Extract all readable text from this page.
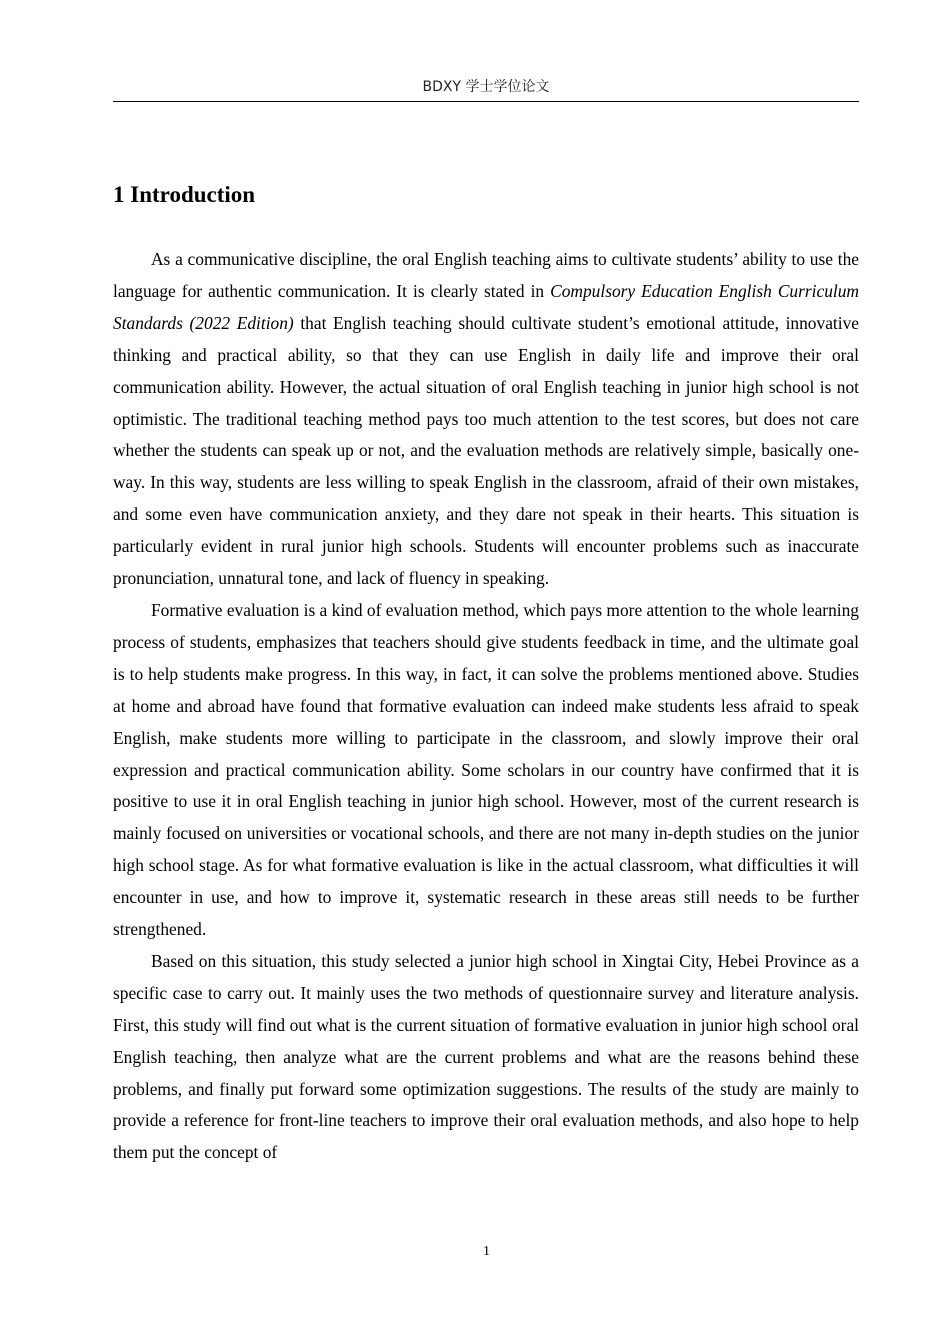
BDXY 学士学位论文
1 Introduction

As a communicative discipline, the oral English teaching aims to cultivate students’ ability to use the language for authentic communication. It is clearly stated in Compulsory Education English Curriculum Standards (2022 Edition) that English teaching should cultivate student’s emotional attitude, innovative thinking and practical ability, so that they can use English in daily life and improve their oral communication ability. However, the actual situation of oral English teaching in junior high school is not optimistic. The traditional teaching method pays too much attention to the test scores, but does not care whether the students can speak up or not, and the evaluation methods are relatively simple, basically one-way. In this way, students are less willing to speak English in the classroom, afraid of their own mistakes, and some even have communication anxiety, and they dare not speak in their hearts. This situation is particularly evident in rural junior high schools. Students will encounter problems such as inaccurate pronunciation, unnatural tone, and lack of fluency in speaking.

Formative evaluation is a kind of evaluation method, which pays more attention to the whole learning process of students, emphasizes that teachers should give students feedback in time, and the ultimate goal is to help students make progress. In this way, in fact, it can solve the problems mentioned above. Studies at home and abroad have found that formative evaluation can indeed make students less afraid to speak English, make students more willing to participate in the classroom, and slowly improve their oral expression and practical communication ability. Some scholars in our country have confirmed that it is positive to use it in oral English teaching in junior high school. However, most of the current research is mainly focused on universities or vocational schools, and there are not many in-depth studies on the junior high school stage. As for what formative evaluation is like in the actual classroom, what difficulties it will encounter in use, and how to improve it, systematic research in these areas still needs to be further strengthened.

Based on this situation, this study selected a junior high school in Xingtai City, Hebei Province as a specific case to carry out. It mainly uses the two methods of questionnaire survey and literature analysis. First, this study will find out what is the current situation of formative evaluation in junior high school oral English teaching, then analyze what are the current problems and what are the reasons behind these problems, and finally put forward some optimization suggestions. The results of the study are mainly to provide a reference for front-line teachers to improve their oral evaluation methods, and also hope to help them put the concept of

1
